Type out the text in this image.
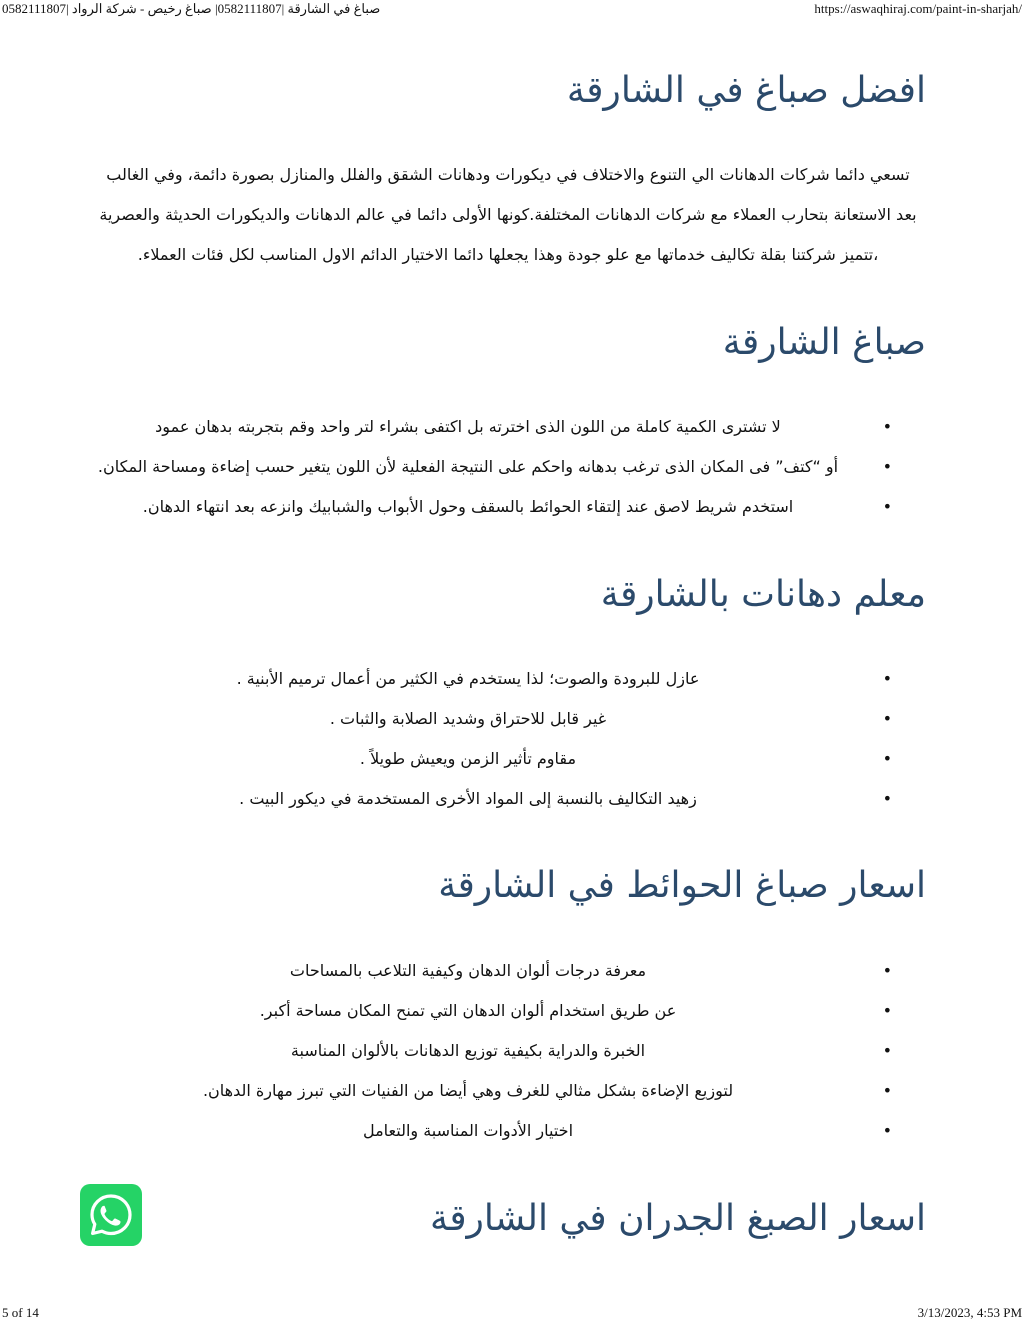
صباغ في الشارقة |0582111807| صباغ رخيص - شركة الرواد |0582111807	https://aswaqhiraj.com/paint-in-sharjah/
افضل صباغ في الشارقة

تسعي دائما شركات الدهانات الي التنوع والاختلاف في ديكورات ودهانات الشقق والفلل والمنازل بصورة دائمة، وفي الغالب بعد الاستعانة بتحارب العملاء مع شركات الدهانات المختلفة.كونها الأولى دائما في عالم الدهانات والديكورات الحديثة والعصرية ،تتميز شركتنا بقلة تكاليف خدماتها مع علو جودة وهذا يجعلها دائما الاختيار الدائم الاول المناسب لكل فئات العملاء.

صباغ الشارقة
•
لا تشترى الكمية كاملة من اللون الذى اخترته بل اكتفى بشراء لتر واحد وقم بتجربته بدهان عمود
•
أو “كتف” فى المكان الذى ترغب بدهانه واحكم على النتيجة الفعلية لأن اللون يتغير حسب إضاءة ومساحة المكان.
•
استخدم شريط لاصق عند إلتقاء الحوائط بالسقف وحول الأبواب والشبابيك وانزعه بعد انتهاء الدهان.
معلم دهانات بالشارقة
•
عازل للبرودة والصوت؛ لذا يستخدم في الكثير من أعمال ترميم الأبنية .
•
غير قابل للاحتراق وشديد الصلابة والثبات .
•
مقاوم تأثير الزمن ويعيش طويلاً .
•
زهيد التكاليف بالنسبة إلى المواد الأخرى المستخدمة في ديكور البيت .
اسعار صباغ الحوائط في الشارقة
•
معرفة درجات ألوان الدهان وكيفية التلاعب بالمساحات
•
عن طريق استخدام ألوان الدهان التي تمنح المكان مساحة أكبر.
•
الخبرة والدراية بكيفية توزيع الدهانات بالألوان المناسبة
•
لتوزيع الإضاءة بشكل مثالي للغرف وهي أيضا من الفنيات التي تبرز مهارة الدهان.
•
اختيار الأدوات المناسبة والتعامل
اسعار الصبغ الجدران في الشارقة
5 of 14	3/13/2023, 4:53 PM
